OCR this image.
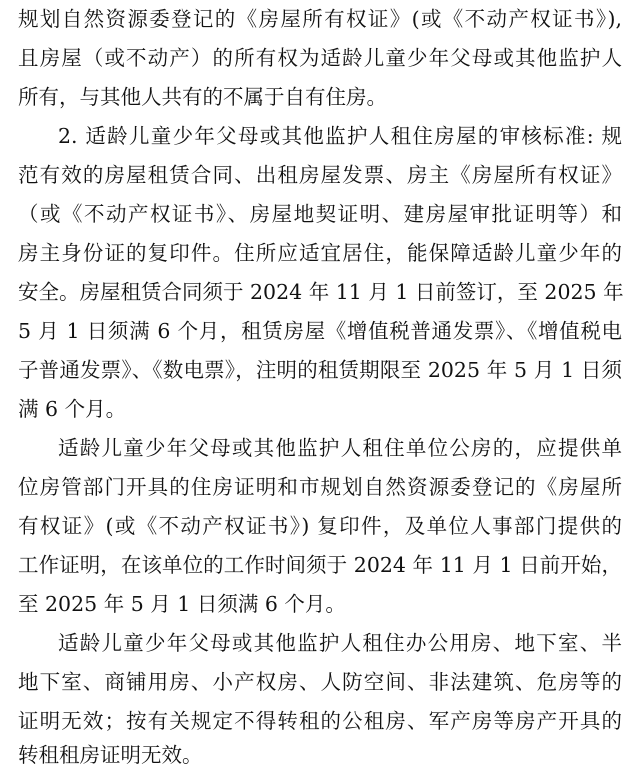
规划自然资源委登记的《房屋所有权证》(或《不动产权证书》),
且房屋（或不动产）的所有权为适龄儿童少年父母或其他监护人
所有，与其他人共有的不属于自有住房。
2. 适龄儿童少年父母或其他监护人租住房屋的审核标准: 规
范有效的房屋租赁合同、出租房屋发票、房主《房屋所有权证》
（或《不动产权证书》、房屋地契证明、建房屋审批证明等）和
房主身份证的复印件。住所应适宜居住，能保障适龄儿童少年的
安全。房屋租赁合同须于 2024 年 11 月 1 日前签订，至 2025 年
5 月 1 日须满 6 个月，租赁房屋《增值税普通发票》、《增值税电
子普通发票》、《数电票》，注明的租赁期限至 2025 年 5 月 1 日须
满 6 个月。
适龄儿童少年父母或其他监护人租住单位公房的，应提供单
位房管部门开具的住房证明和市规划自然资源委登记的《房屋所
有权证》(或《不动产权证书》) 复印件，及单位人事部门提供的
工作证明，在该单位的工作时间须于 2024 年 11 月 1 日前开始，
至 2025 年 5 月 1 日须满 6 个月。
适龄儿童少年父母或其他监护人租住办公用房、地下室、半
地下室、商铺用房、小产权房、人防空间、非法建筑、危房等的
证明无效；按有关规定不得转租的公租房、军产房等房产开具的
转租租房证明无效。
